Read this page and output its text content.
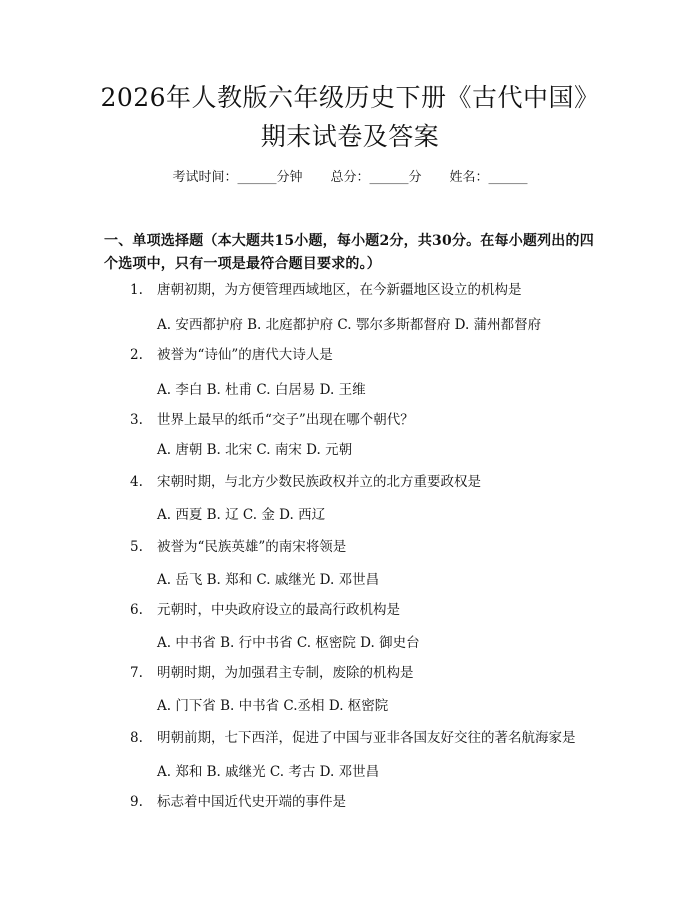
2026年人教版六年级历史下册《古代中国》
期末试卷及答案
考试时间：______分钟 总分：______分 姓名：______
一、单项选择题（本大题共15小题，每小题2分，共30分。在每小题列出的四个选项中，只有一项是最符合题目要求的。）
1. 唐朝初期，为方便管理西域地区，在今新疆地区设立的机构是
A. 安西都护府 B. 北庭都护府 C. 鄂尔多斯都督府 D. 蒲州都督府
2. 被誉为“诗仙”的唐代大诗人是
A. 李白 B. 杜甫 C. 白居易 D. 王维
3. 世界上最早的纸币“交子”出现在哪个朝代？
A. 唐朝 B. 北宋 C. 南宋 D. 元朝
4. 宋朝时期，与北方少数民族政权并立的北方重要政权是
A. 西夏 B. 辽 C. 金 D. 西辽
5. 被誉为“民族英雄”的南宋将领是
A. 岳飞 B. 郑和 C. 戚继光 D. 邓世昌
6. 元朝时，中央政府设立的最高行政机构是
A. 中书省 B. 行中书省 C. 枢密院 D. 御史台
7. 明朝时期，为加强君主专制，废除的机构是
A. 门下省 B. 中书省 C.丞相 D. 枢密院
8. 明朝前期，七下西洋，促进了中国与亚非各国友好交往的著名航海家是
A. 郑和 B. 戚继光 C. 考古 D. 邓世昌
9. 标志着中国近代史开端的事件是
